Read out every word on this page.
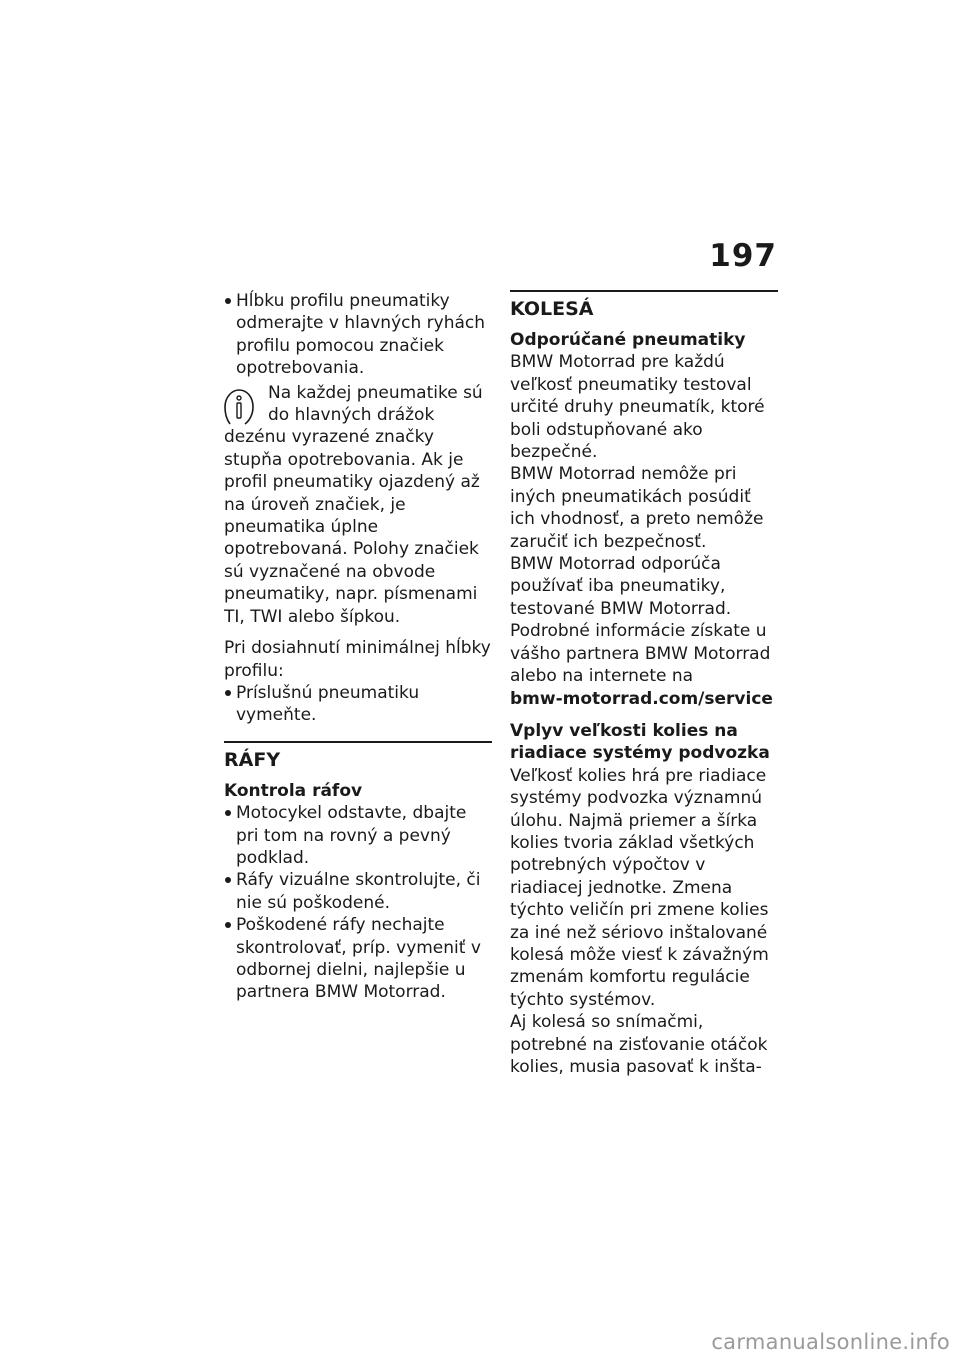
197
Hĺbku profilu pneumatiky odmerajte v hlavných ryhách profilu pomocou značiek opotrebovania.

Na každej pneumatike sú do hlavných drážok dezénu vyrazené značky stupňa opotrebovania. Ak je profil pneumatiky ojazdený až na úroveň značiek, je pneumatika úplne opotrebovaná. Polohy značiek sú vyznačené na obvode pneumatiky, napr. písmenami TI, TWI alebo šípkou.

Pri dosiahnutí minimálnej hĺbky profilu:

Príslušnú pneumatiku vymeňte.
RÁFY
Kontrola ráfov
Motocykel odstavte, dbajte pri tom na rovný a pevný podklad.
Ráfy vizuálne skontrolujte, či nie sú poškodené.
Poškodené ráfy nechajte skontrolovať, príp. vymeniť v odbornej dielni, najlepšie u partnera BMW Motorrad.
KOLESÁ
Odporúčané pneumatiky

BMW Motorrad pre každú veľkosť pneumatiky testoval určité druhy pneumatík, ktoré boli odstupňované ako bezpečné.

BMW Motorrad nemôže pri iných pneumatikách posúdiť ich vhodnosť, a preto nemôže zaručiť ich bezpečnosť.

BMW Motorrad odporúča používať iba pneumatiky, testované BMW Motorrad.

Podrobné informácie získate u vášho partnera BMW Motorrad alebo na internete na

bmw-motorrad.com/service

Vplyv veľkosti kolies na riadiace systémy podvozka

Veľkosť kolies hrá pre riadiace systémy podvozka významnú úlohu. Najmä priemer a šírka kolies tvoria základ všetkých potrebných výpočtov v riadiacej jednotke. Zmena týchto veličín pri zmene kolies za iné než sériovo inštalované kolesá môže viesť k závažným zmenám komfortu regulácie týchto systémov.

Aj kolesá so snímačmi, potrebné na zisťovanie otáčok kolies, musia pasovať k inšta-

carmanualsonline.info
